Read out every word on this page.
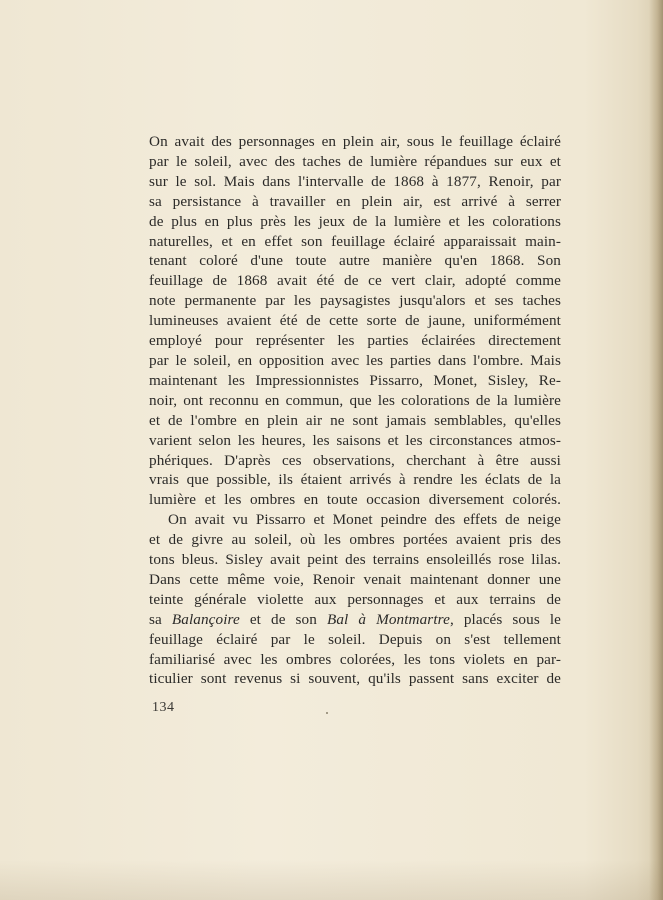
On avait des personnages en plein air, sous le feuillage éclairé
par le soleil, avec des taches de lumière répandues sur eux et
sur le sol. Mais dans l'intervalle de 1868 à 1877, Renoir, par
sa persistance à travailler en plein air, est arrivé à serrer
de plus en plus près les jeux de la lumière et les colorations
naturelles, et en effet son feuillage éclairé apparaissait main-
tenant coloré d'une toute autre manière qu'en 1868. Son
feuillage de 1868 avait été de ce vert clair, adopté comme
note permanente par les paysagistes jusqu'alors et ses taches
lumineuses avaient été de cette sorte de jaune, uniformément
employé pour représenter les parties éclairées directement
par le soleil, en opposition avec les parties dans l'ombre. Mais
maintenant les Impressionnistes Pissarro, Monet, Sisley, Re-
noir, ont reconnu en commun, que les colorations de la lumière
et de l'ombre en plein air ne sont jamais semblables, qu'elles
varient selon les heures, les saisons et les circonstances atmos-
phériques. D'après ces observations, cherchant à être aussi
vrais que possible, ils étaient arrivés à rendre les éclats de la
lumière et les ombres en toute occasion diversement colorés.
On avait vu Pissarro et Monet peindre des effets de neige
et de givre au soleil, où les ombres portées avaient pris des
tons bleus. Sisley avait peint des terrains ensoleillés rose lilas.
Dans cette même voie, Renoir venait maintenant donner une
teinte générale violette aux personnages et aux terrains de
sa Balançoire et de son Bal à Montmartre, placés sous le
feuillage éclairé par le soleil. Depuis on s'est tellement
familiarisé avec les ombres colorées, les tons violets en par-
ticulier sont revenus si souvent, qu'ils passent sans exciter de
134
